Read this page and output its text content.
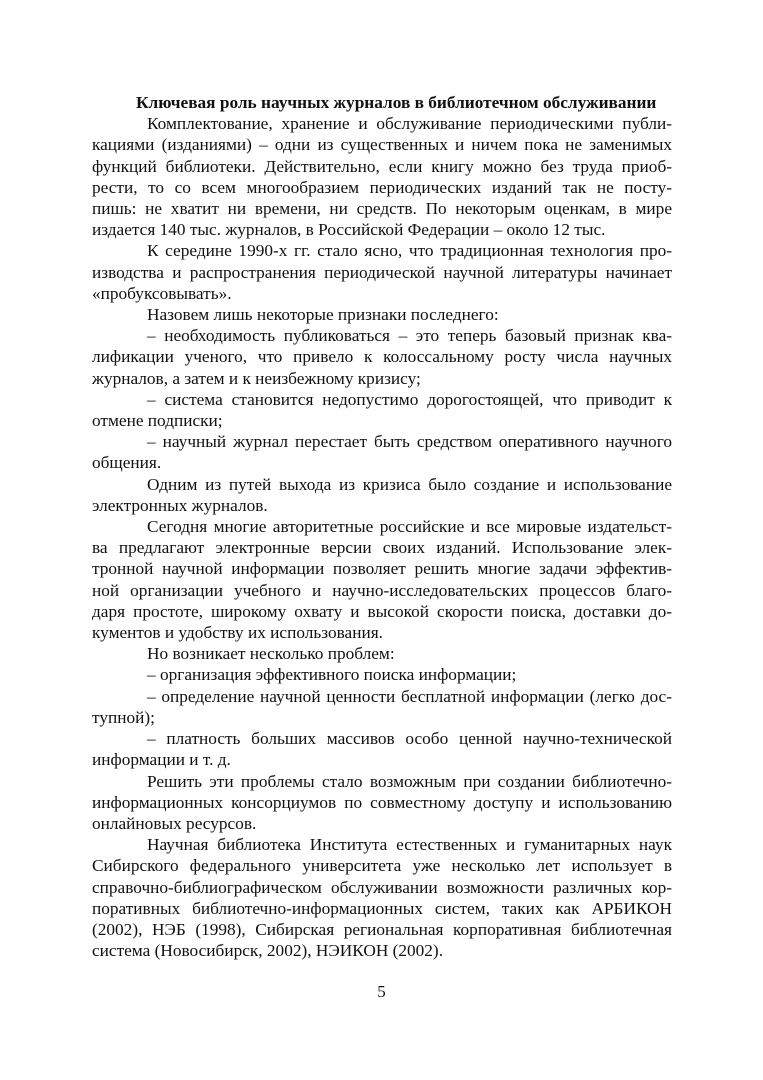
Ключевая роль научных журналов в библиотечном обслуживании
Комплектование, хранение и обслуживание периодическими публи-
кациями (изданиями) – одни из существенных и ничем пока не заменимых
функций библиотеки. Действительно, если книгу можно без труда приоб-
рести, то со всем многообразием периодических изданий так не посту-
пишь: не хватит ни времени, ни средств. По некоторым оценкам, в мире
издается 140 тыс. журналов, в Российской Федерации – около 12 тыс.
К середине 1990-х гг. стало ясно, что традиционная технология про-
изводства и распространения периодической научной литературы начинает
«пробуксовывать».
Назовем лишь некоторые признаки последнего:
– необходимость публиковаться – это теперь базовый признак ква-
лификации ученого, что привело к колоссальному росту числа научных
журналов, а затем и к неизбежному кризису;
– система становится недопустимо дорогостоящей, что приводит к
отмене подписки;
– научный журнал перестает быть средством оперативного научного
общения.
Одним из путей выхода из кризиса было создание и использование
электронных журналов.
Сегодня многие авторитетные российские и все мировые издательст-
ва предлагают электронные версии своих изданий. Использование элек-
тронной научной информации позволяет решить многие задачи эффектив-
ной организации учебного и научно-исследовательских процессов благо-
даря простоте, широкому охвату и высокой скорости поиска, доставки до-
кументов и удобству их использования.
Но возникает несколько проблем:
– организация эффективного поиска информации;
– определение научной ценности бесплатной информации (легко дос-
тупной);
– платность больших массивов особо ценной научно-технической
информации и т. д.
Решить эти проблемы стало возможным при создании библиотечно-
информационных консорциумов по совместному доступу и использованию
онлайновых ресурсов.
Научная библиотека Института естественных и гуманитарных наук
Сибирского федерального университета уже несколько лет использует в
справочно-библиографическом обслуживании возможности различных кор-
поративных библиотечно-информационных систем, таких как АРБИКОН
(2002), НЭБ (1998), Сибирская региональная корпоративная библиотечная
система (Новосибирск, 2002), НЭИКОН (2002).
5
